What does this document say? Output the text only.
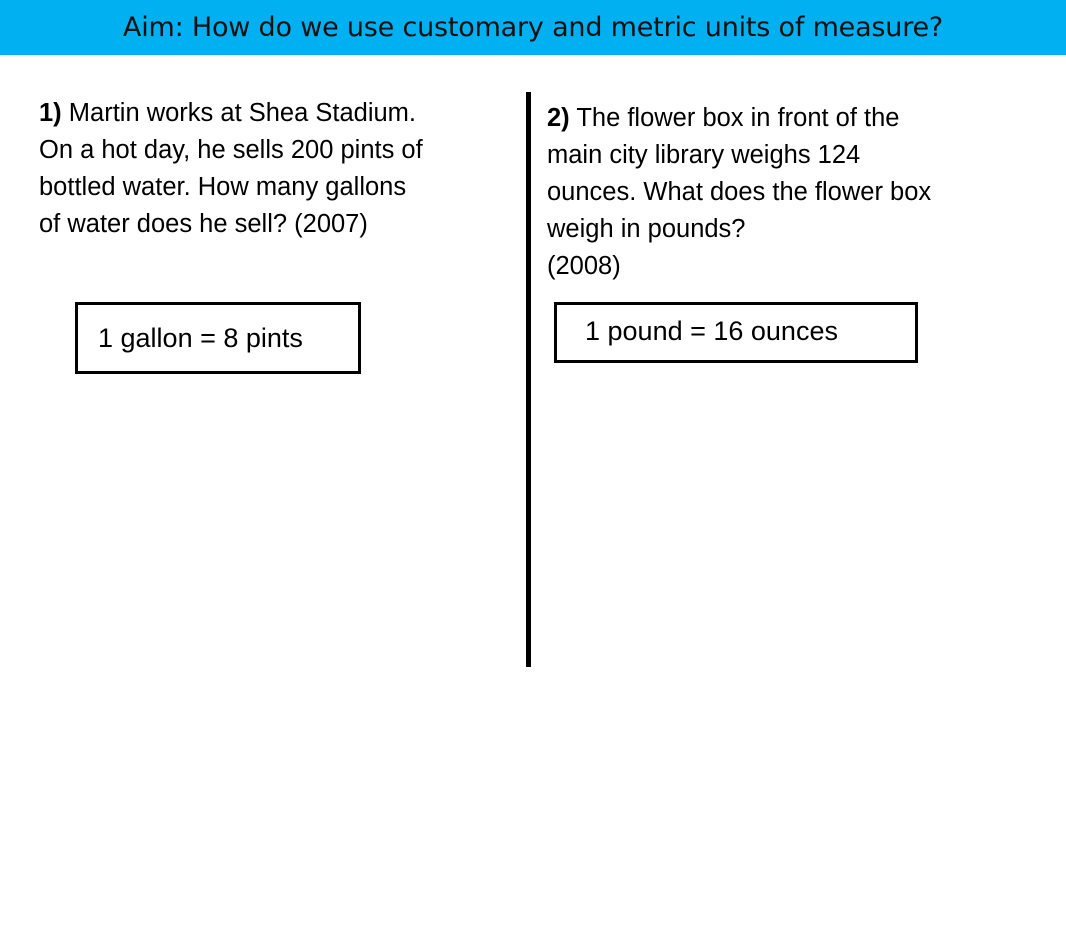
Aim: How do we use customary and metric units of measure?
1) Martin works at Shea Stadium.
On a hot day, he sells 200 pints of
bottled water. How many gallons
of water does he sell? (2007)
1 gallon = 8 pints
2) The flower box in front of the
main city library weighs 124
ounces. What does the flower box
weigh in pounds?
(2008)
1 pound = 16 ounces
